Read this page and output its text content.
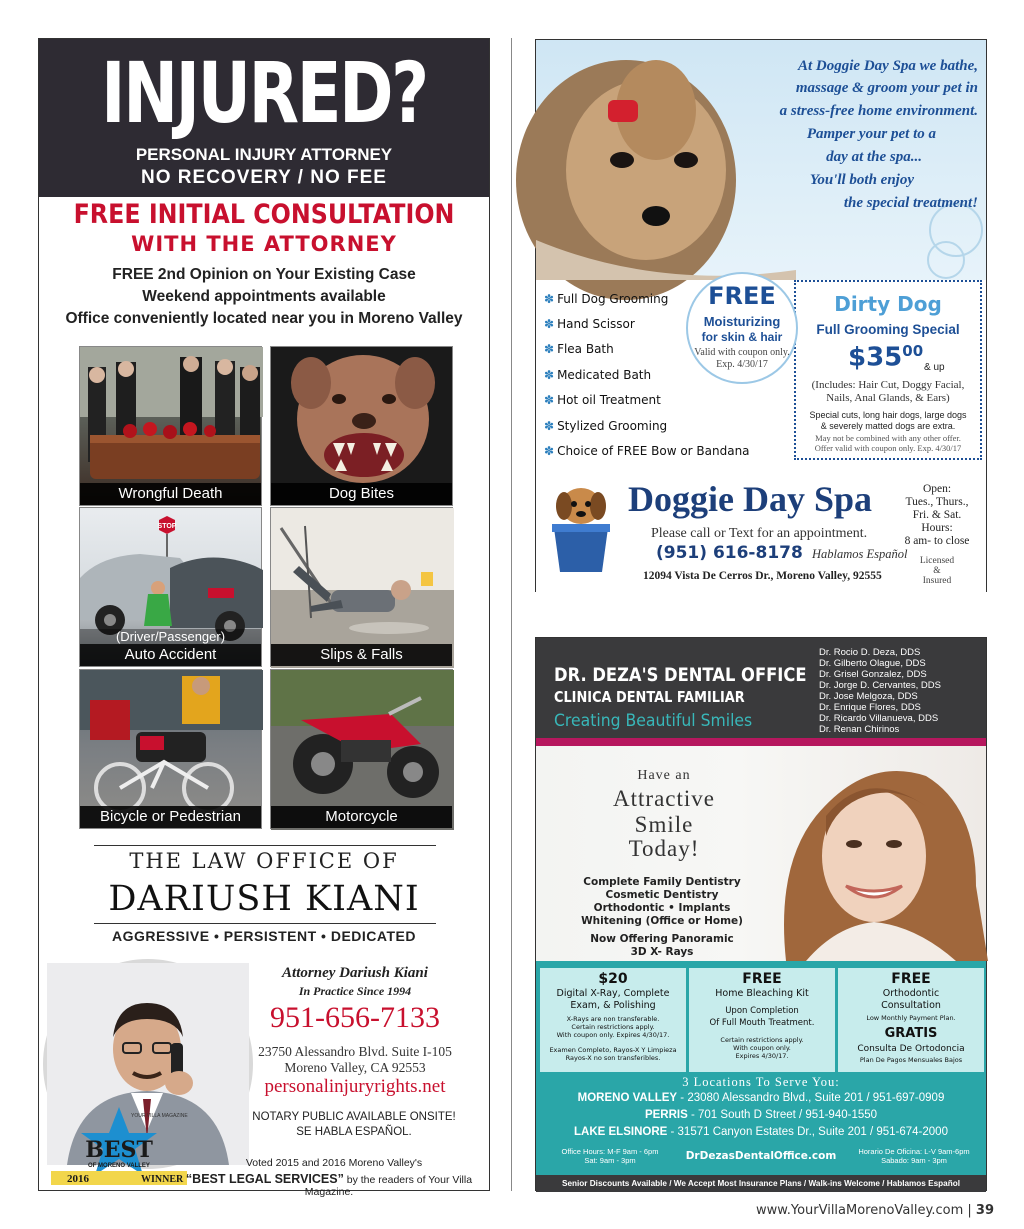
INJURED?
PERSONAL INJURY ATTORNEY
NO RECOVERY / NO FEE
FREE INITIAL CONSULTATION
WITH THE ATTORNEY
FREE 2nd Opinion on Your Existing Case
Weekend appointments available
Office conveniently located near you in Moreno Valley
Wrongful Death	Dog Bites
STOP
(Driver/Passenger)
Auto Accident	Slips & Falls
Bicycle or Pedestrian	Motorcycle
THE LAW OFFICE OF
DARIUSH KIANI
AGGRESSIVE • PERSISTENT • DEDICATED
YOUR VILLA MAGAZINE
BEST
OF MORENO VALLEY
2016	WINNER
Attorney Dariush Kiani
In Practice Since 1994
951-656-7133
23750 Alessandro Blvd. Suite I-105
Moreno Valley, CA 92553
personalinjuryrights.net
NOTARY PUBLIC AVAILABLE ONSITE!
SE HABLA ESPAÑOL.
Voted 2015 and 2016 Moreno Valley's
“BEST LEGAL SERVICES” by the readers of Your Villa Magazine.
At Doggie Day Spa we bathe,
massage & groom your pet in
a stress-free home environment.
Pamper your pet to a
day at the spa...
You'll both enjoy
the special treatment!
✽ Full Dog Grooming
✽ Hand Scissor
✽ Flea Bath
✽ Medicated Bath
✽ Hot oil Treatment
✽ Stylized Grooming
✽ Choice of FREE Bow or Bandana
Dirty Dog
Full Grooming Special
$\$35^{00}$
& up
(Includes: Hair Cut, Doggy Facial,
Nails, Anal Glands, & Ears)
Special cuts, long hair dogs, large dogs
& severely matted dogs are extra.
May not be combined with any other offer.
Offer valid with coupon only. Exp. 4/30/17
FREE
Moisturizing
for skin & hair
Valid with coupon only.
Exp. 4/30/17
Doggie Day Spa
Please call or Text for an appointment.
(951) 616-8178 Hablamos Español
12094 Vista De Cerros Dr., Moreno Valley, 92555
Open:
Tues., Thurs.,
Fri. & Sat.
Hours:
8 am- to close
Licensed
&
Insured
DR. DEZA'S DENTAL OFFICE
CLINICA DENTAL FAMILIAR
Creating Beautiful Smiles
Dr. Rocio D. Deza, DDS
Dr. Gilberto Olague, DDS
Dr. Grisel Gonzalez, DDS
Dr. Jorge D. Cervantes, DDS
Dr. Jose Melgoza, DDS
Dr. Enrique Flores, DDS
Dr. Ricardo Villanueva, DDS
Dr. Renan Chirinos
Have an
Attractive
Smile
Today!
Complete Family Dentistry
Cosmetic Dentistry
Orthodontic • Implants
Whitening (Office or Home)
Now Offering Panoramic
3D X- Rays
$20
Digital X-Ray, Complete
Exam, & Polishing
X-Rays are non transferable.
Certain restrictions apply.
With coupon only. Expires 4/30/17.
Examen Completo, Rayos-X Y Limpieza
Rayos-X no son transferibles.
FREE
Home Bleaching Kit
Upon Completion
Of Full Mouth Treatment.
Certain restrictions apply.
With coupon only.
Expires 4/30/17.
FREE
Orthodontic
Consultation
Low Monthly Payment Plan.
GRATIS
Consulta De Ortodoncia
Plan De Pagos Mensuales Bajos
3 Locations To Serve You:
MORENO VALLEY - 23080 Alessandro Blvd., Suite 201 / 951-697-0909
PERRIS - 701 South D Street / 951-940-1550
LAKE ELSINORE - 31571 Canyon Estates Dr., Suite 201 / 951-674-2000
Office Hours: M-F 9am - 6pm
Sat: 9am - 3pm	DrDezasDentalOffice.com	Horario De Oficina: L-V 9am-6pm
Sabado: 9am - 3pm
Senior Discounts Available / We Accept Most Insurance Plans / Walk-ins Welcome / Hablamos Español
www.YourVillaMorenoValley.com | 39
